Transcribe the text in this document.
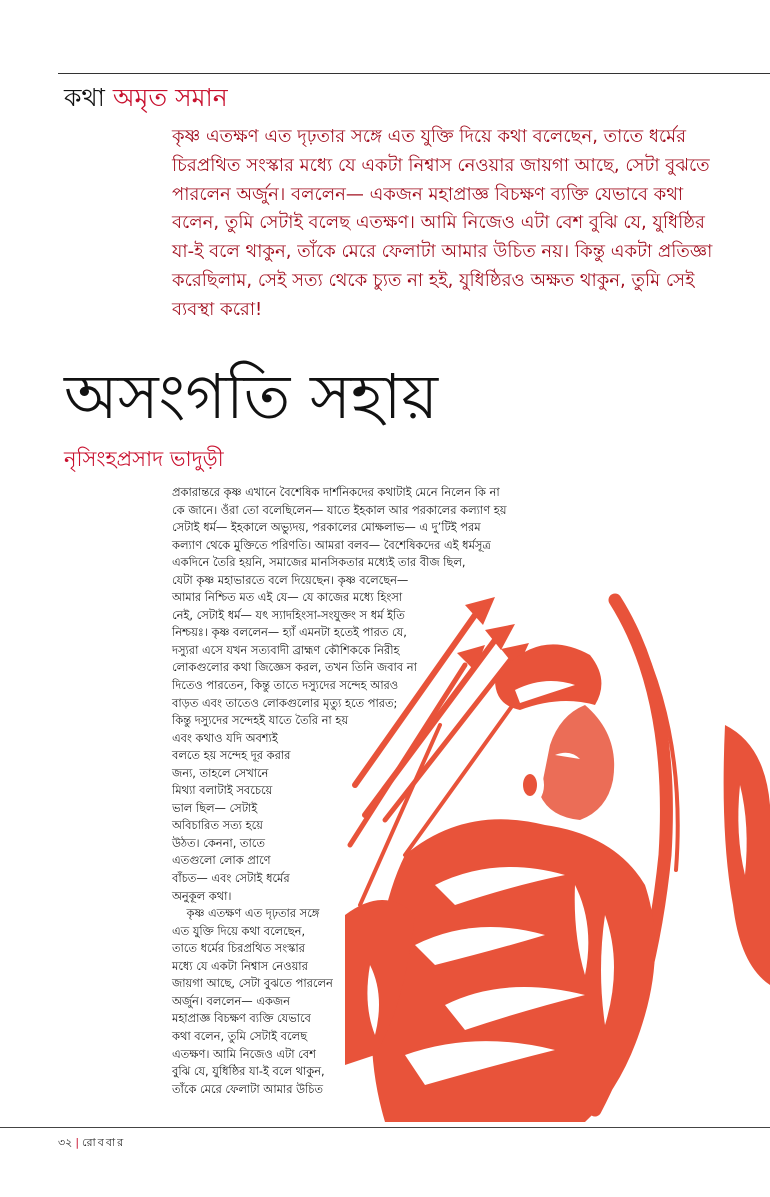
কথা অমৃত সমান

কৃষ্ণ এতক্ষণ এত দৃঢ়তার সঙ্গে এত যুক্তি দিয়ে কথা বলেছেন, তাতে ধর্মের চিরপ্রথিত সংস্কার মধ্যে যে একটা নিশ্বাস নেওয়ার জায়গা আছে, সেটা বুঝতে পারলেন অর্জুন। বললেন— একজন মহাপ্রাজ্ঞ বিচক্ষণ ব্যক্তি যেভাবে কথা বলেন, তুমি সেটাই বলেছ এতক্ষণ। আমি নিজেও এটা বেশ বুঝি যে, যুধিষ্ঠির যা-ই বলে থাকুন, তাঁকে মেরে ফেলাটা আমার উচিত নয়। কিন্তু একটা প্রতিজ্ঞা করেছিলাম, সেই সত্য থেকে চ্যুত না হই, যুধিষ্ঠিরও অক্ষত থাকুন, তুমি সেই ব্যবস্থা করো!

অসংগতি সহায়
নৃসিংহপ্রসাদ ভাদুড়ী
প্রকারান্তরে কৃষ্ণ এখানে বৈশেষিক দার্শনিকদের কথাটাই মেনে নিলেন কি না
কে জানে। ওঁরা তো বলেছিলেন— যাতে ইহকাল আর পরকালের কল্যাণ হয়
সেটাই ধর্ম— ইহকালে অভ্যুদয়, পরকালের মোক্ষলাভ— এ দু’টিই পরম
কল্যাণ থেকে মুক্তিতে পরিণতি। আমরা বলব— বৈশেষিকদের এই ধর্মসূত্র
একদিনে তৈরি হয়নি, সমাজের মানসিকতার মধ্যেই তার বীজ ছিল,
যেটা কৃষ্ণ মহাভারতে বলে দিয়েছেন। কৃষ্ণ বলেছেন—
আমার নিশ্চিত মত এই যে— যে কাজের মধ্যে হিংসা
নেই, সেটাই ধর্ম— যৎ স্যাদহিংসা-সংযুক্তং স ধর্ম ইতি
নিশ্চয়ঃ। কৃষ্ণ বললেন— হ্যাঁ এমনটা হতেই পারত যে,
দস্যুরা এসে যখন সত্যবাদী ব্রাহ্মণ কৌশিককে নিরীহ
লোকগুলোর কথা জিজ্ঞেস করল, তখন তিনি জবাব না
দিতেও পারতেন, কিন্তু তাতে দস্যুদের সন্দেহ আরও
বাড়ত এবং তাতেও লোকগুলোর মৃত্যু হতে পারত;
কিন্তু দস্যুদের সন্দেহই যাতে তৈরি না হয়
এবং কথাও যদি অবশ্যই
বলতে হয় সন্দেহ দূর করার
জন্য, তাহলে সেখানে
মিথ্যা বলাটাই সবচেয়ে
ভাল ছিল— সেটাই
অবিচারিত সত্য হয়ে
উঠত। কেননা, তাতে
এতগুলো লোক প্রাণে
বাঁচত— এবং সেটাই ধর্মের
অনুকূল কথা।
কৃষ্ণ এতক্ষণ এত দৃঢ়তার সঙ্গে
এত যুক্তি দিয়ে কথা বলেছেন,
তাতে ধর্মের চিরপ্রথিত সংস্কার
মধ্যে যে একটা নিশ্বাস নেওয়ার
জায়গা আছে, সেটা বুঝতে পারলেন
অর্জুন। বললেন— একজন
মহাপ্রাজ্ঞ বিচক্ষণ ব্যক্তি যেভাবে
কথা বলেন, তুমি সেটাই বলেছ
এতক্ষণ। আমি নিজেও এটা বেশ
বুঝি যে, যুধিষ্ঠির যা-ই বলে থাকুন,
তাঁকে মেরে ফেলাটা আমার উচিত
৩২ | রোববার
